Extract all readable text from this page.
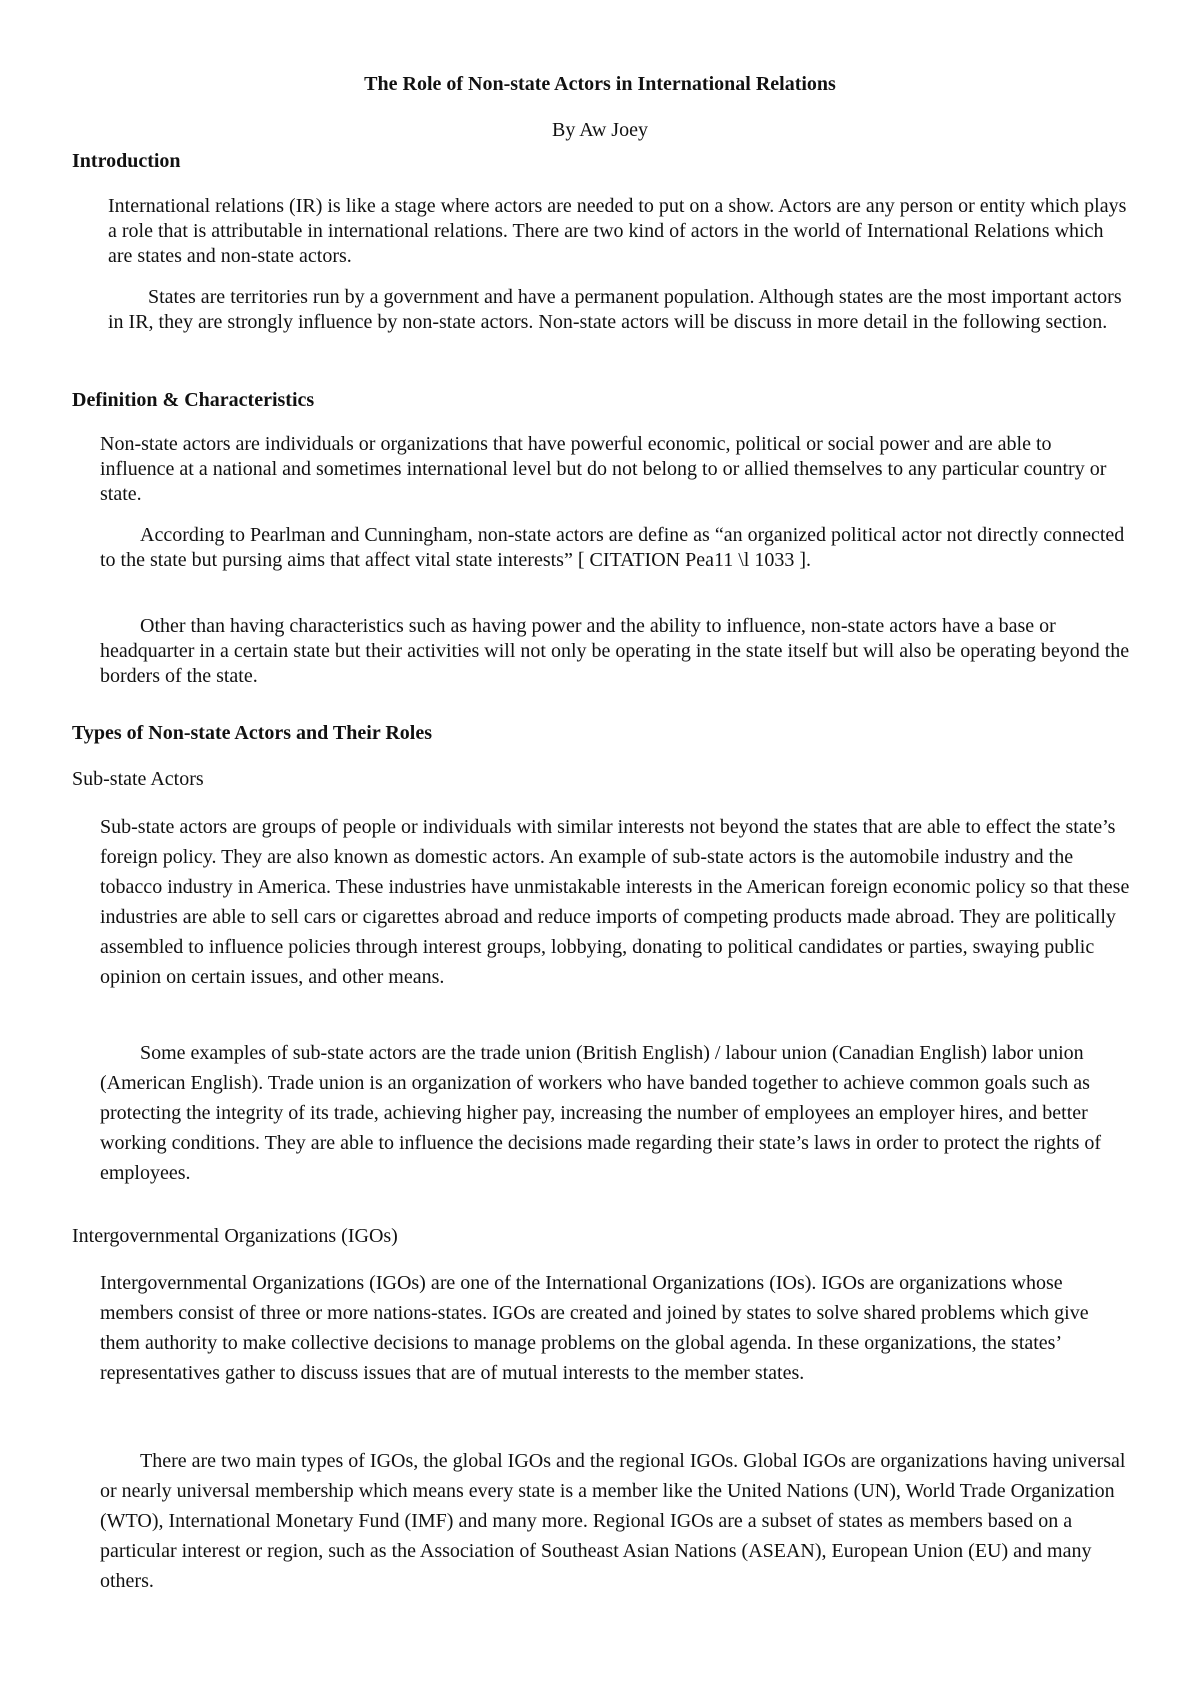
The Role of Non-state Actors in International Relations
By Aw Joey
Introduction

International relations (IR) is like a stage where actors are needed to put on a show. Actors are any person or entity which plays a role that is attributable in international relations. There are two kind of actors in the world of International Relations which are states and non-state actors.

States are territories run by a government and have a permanent population. Although states are the most important actors in IR, they are strongly influence by non-state actors. Non-state actors will be discuss in more detail in the following section.

Definition & Characteristics

Non-state actors are individuals or organizations that have powerful economic, political or social power and are able to influence at a national and sometimes international level but do not belong to or allied themselves to any particular country or state.

According to Pearlman and Cunningham, non-state actors are define as “an organized political actor not directly connected to the state but pursing aims that affect vital state interests” [ CITATION Pea11 \l 1033 ].

Other than having characteristics such as having power and the ability to influence, non-state actors have a base or headquarter in a certain state but their activities will not only be operating in the state itself but will also be operating beyond the borders of the state.

Types of Non-state Actors and Their Roles
Sub-state Actors

Sub-state actors are groups of people or individuals with similar interests not beyond the states that are able to effect the state’s foreign policy. They are also known as domestic actors. An example of sub-state actors is the automobile industry and the tobacco industry in America. These industries have unmistakable interests in the American foreign economic policy so that these industries are able to sell cars or cigarettes abroad and reduce imports of competing products made abroad. They are politically assembled to influence policies through interest groups, lobbying, donating to political candidates or parties, swaying public opinion on certain issues, and other means.

Some examples of sub-state actors are the trade union (British English) / labour union (Canadian English) labor union (American English). Trade union is an organization of workers who have banded together to achieve common goals such as protecting the integrity of its trade, achieving higher pay, increasing the number of employees an employer hires, and better working conditions. They are able to influence the decisions made regarding their state’s laws in order to protect the rights of employees.

Intergovernmental Organizations (IGOs)

Intergovernmental Organizations (IGOs) are one of the International Organizations (IOs). IGOs are organizations whose members consist of three or more nations-states. IGOs are created and joined by states to solve shared problems which give them authority to make collective decisions to manage problems on the global agenda. In these organizations, the states’ representatives gather to discuss issues that are of mutual interests to the member states.

There are two main types of IGOs, the global IGOs and the regional IGOs. Global IGOs are organizations having universal or nearly universal membership which means every state is a member like the United Nations (UN), World Trade Organization (WTO), International Monetary Fund (IMF) and many more. Regional IGOs are a subset of states as members based on a particular interest or region, such as the Association of Southeast Asian Nations (ASEAN), European Union (EU) and many others.
